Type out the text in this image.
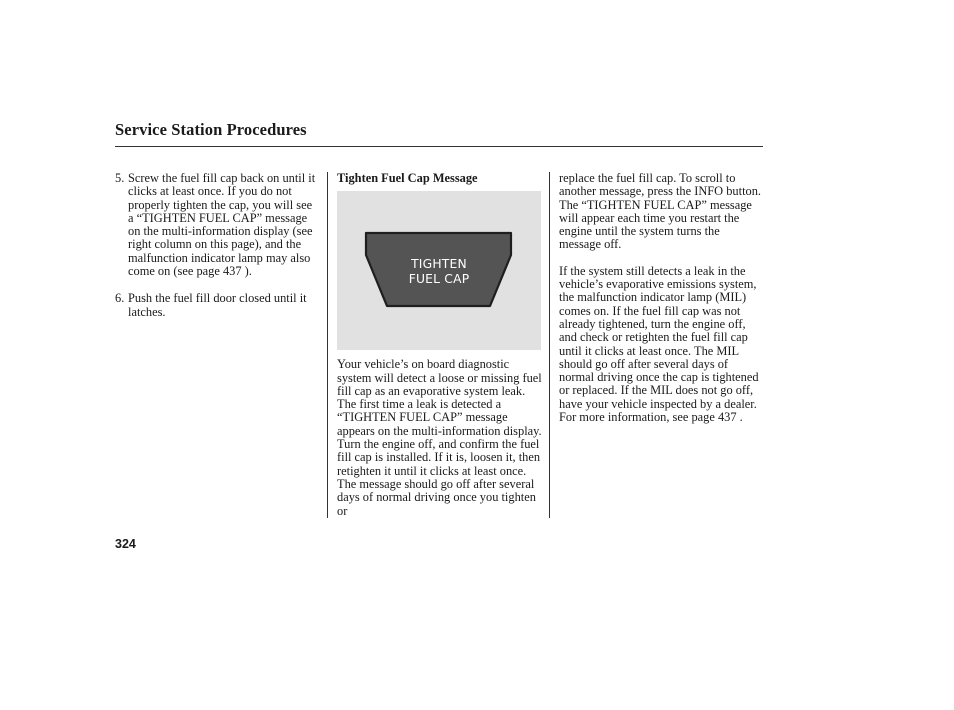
Service Station Procedures
5. Screw the fuel fill cap back on until it clicks at least once. If you do not properly tighten the cap, you will see a “TIGHTEN FUEL CAP” message on the multi-information display (see right column on this page), and the malfunction indicator lamp may also come on (see page 437 ).
6. Push the fuel fill door closed until it latches.
Tighten Fuel Cap Message
TIGHTEN
FUEL CAP

Your vehicle’s on board diagnostic system will detect a loose or missing fuel fill cap as an evaporative system leak. The first time a leak is detected a “TIGHTEN FUEL CAP” message appears on the multi-information display. Turn the engine off, and confirm the fuel fill cap is installed. If it is, loosen it, then retighten it until it clicks at least once. The message should go off after several days of normal driving once you tighten or

replace the fuel fill cap. To scroll to another message, press the INFO button. The “TIGHTEN FUEL CAP” message will appear each time you restart the engine until the system turns the message off.

If the system still detects a leak in the vehicle’s evaporative emissions system, the malfunction indicator lamp (MIL) comes on. If the fuel fill cap was not already tightened, turn the engine off, and check or retighten the fuel fill cap until it clicks at least once. The MIL should go off after several days of normal driving once the cap is tightened or replaced. If the MIL does not go off, have your vehicle inspected by a dealer. For more information, see page 437 .

324
